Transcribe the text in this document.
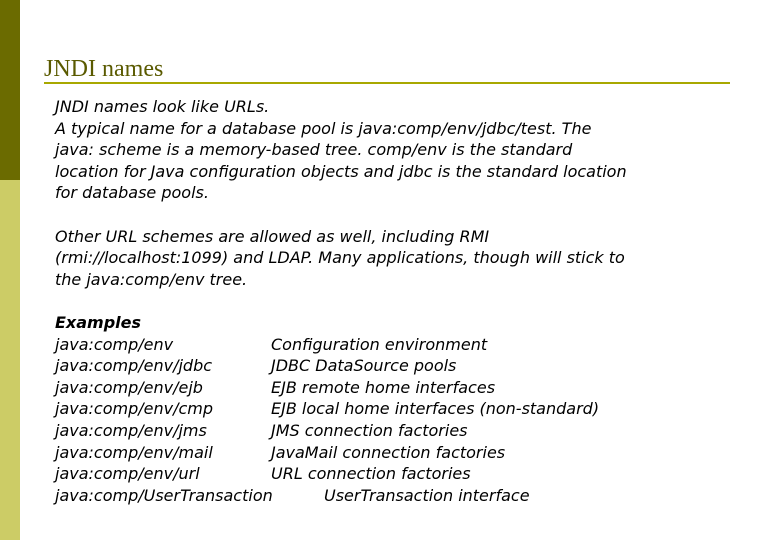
JNDI names
JNDI names look like URLs.
A typical name for a database pool is java:comp/env/jdbc/test. The
java: scheme is a memory-based tree. comp/env is the standard
location for Java configuration objects and jdbc is the standard location
for database pools.
Other URL schemes are allowed as well, including RMI
(rmi://localhost:1099) and LDAP. Many applications, though will stick to
the java:comp/env tree.
Examples
java:comp/env	Configuration environment
java:comp/env/jdbc	JDBC DataSource pools
java:comp/env/ejb	EJB remote home interfaces
java:comp/env/cmp	EJB local home interfaces (non-standard)
java:comp/env/jms	JMS connection factories
java:comp/env/mail	JavaMail connection factories
java:comp/env/url	URL connection factories
java:comp/UserTransaction	UserTransaction interface
